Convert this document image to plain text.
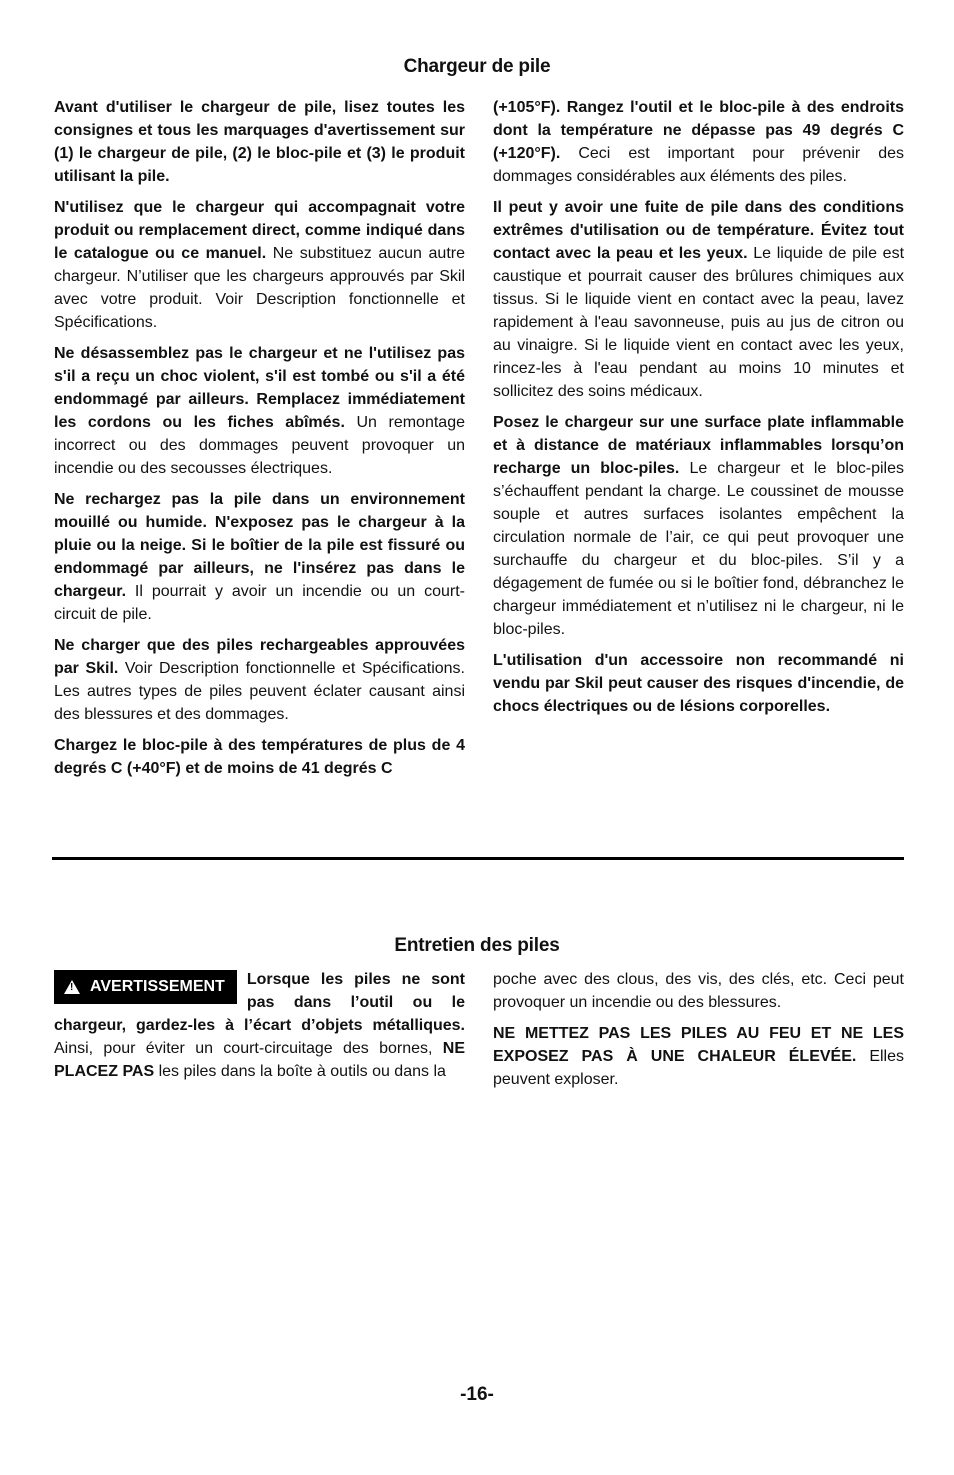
Chargeur de pile

Avant d'utiliser le chargeur de pile, lisez toutes les consignes et tous les marquages d'avertissement sur (1) le chargeur de pile, (2) le bloc-pile et (3) le produit utilisant la pile.

N'utilisez que le chargeur qui accompagnait votre produit ou remplacement direct, comme indiqué dans le catalogue ou ce manuel. Ne substituez aucun autre chargeur. N’utiliser que les chargeurs approuvés par Skil avec votre produit. Voir Description fonctionnelle et Spécifications.

Ne désassemblez pas le chargeur et ne l'utilisez pas s'il a reçu un choc violent, s'il est tombé ou s'il a été endommagé par ailleurs. Remplacez immédiatement les cordons ou les fiches abîmés. Un remontage incorrect ou des dommages peuvent provoquer un incendie ou des secousses électriques.

Ne rechargez pas la pile dans un environnement mouillé ou humide. N'exposez pas le chargeur à la pluie ou la neige. Si le boîtier de la pile est fissuré ou endommagé par ailleurs, ne l'insérez pas dans le chargeur. Il pourrait y avoir un incendie ou un court-circuit de pile.

Ne charger que des piles rechargeables approuvées par Skil. Voir Description fonctionnelle et Spécifications. Les autres types de piles peuvent éclater causant ainsi des blessures et des dommages.

Chargez le bloc-pile à des températures de plus de 4 degrés C (+40°F) et de moins de 41 degrés C

(+105°F). Rangez l'outil et le bloc-pile à des endroits dont la température ne dépasse pas 49 degrés C (+120°F). Ceci est important pour prévenir des dommages considérables aux éléments des piles.

Il peut y avoir une fuite de pile dans des conditions extrêmes d'utilisation ou de température. Évitez tout contact avec la peau et les yeux. Le liquide de pile est caustique et pourrait causer des brûlures chimiques aux tissus. Si le liquide vient en contact avec la peau, lavez rapidement à l'eau savonneuse, puis au jus de citron ou au vinaigre. Si le liquide vient en contact avec les yeux, rincez-les à l'eau pendant au moins 10 minutes et sollicitez des soins médicaux.

Posez le chargeur sur une surface plate inflammable et à distance de matériaux inflammables lorsqu’on recharge un bloc-piles. Le chargeur et le bloc-piles s’échauffent pendant la charge. Le coussinet de mousse souple et autres surfaces isolantes empêchent la circulation normale de l’air, ce qui peut provoquer une surchauffe du chargeur et du bloc-piles. S’il y a dégagement de fumée ou si le boîtier fond, débranchez le chargeur immédiatement et n’utilisez ni le chargeur, ni le bloc-piles.

L'utilisation d'un accessoire non recommandé ni vendu par Skil peut causer des risques d'incendie, de chocs électriques ou de lésions corporelles.

Entretien des piles

! AVERTISSEMENT Lorsque les piles ne sont pas dans l’outil ou le chargeur, gardez-les à l’écart d’objets métalliques. Ainsi, pour éviter un court-circuitage des bornes, NE PLACEZ PAS les piles dans la boîte à outils ou dans la

poche avec des clous, des vis, des clés, etc. Ceci peut provoquer un incendie ou des blessures.

NE METTEZ PAS LES PILES AU FEU ET NE LES EXPOSEZ PAS À UNE CHALEUR ÉLEVÉE. Elles peuvent exploser.

-16-
